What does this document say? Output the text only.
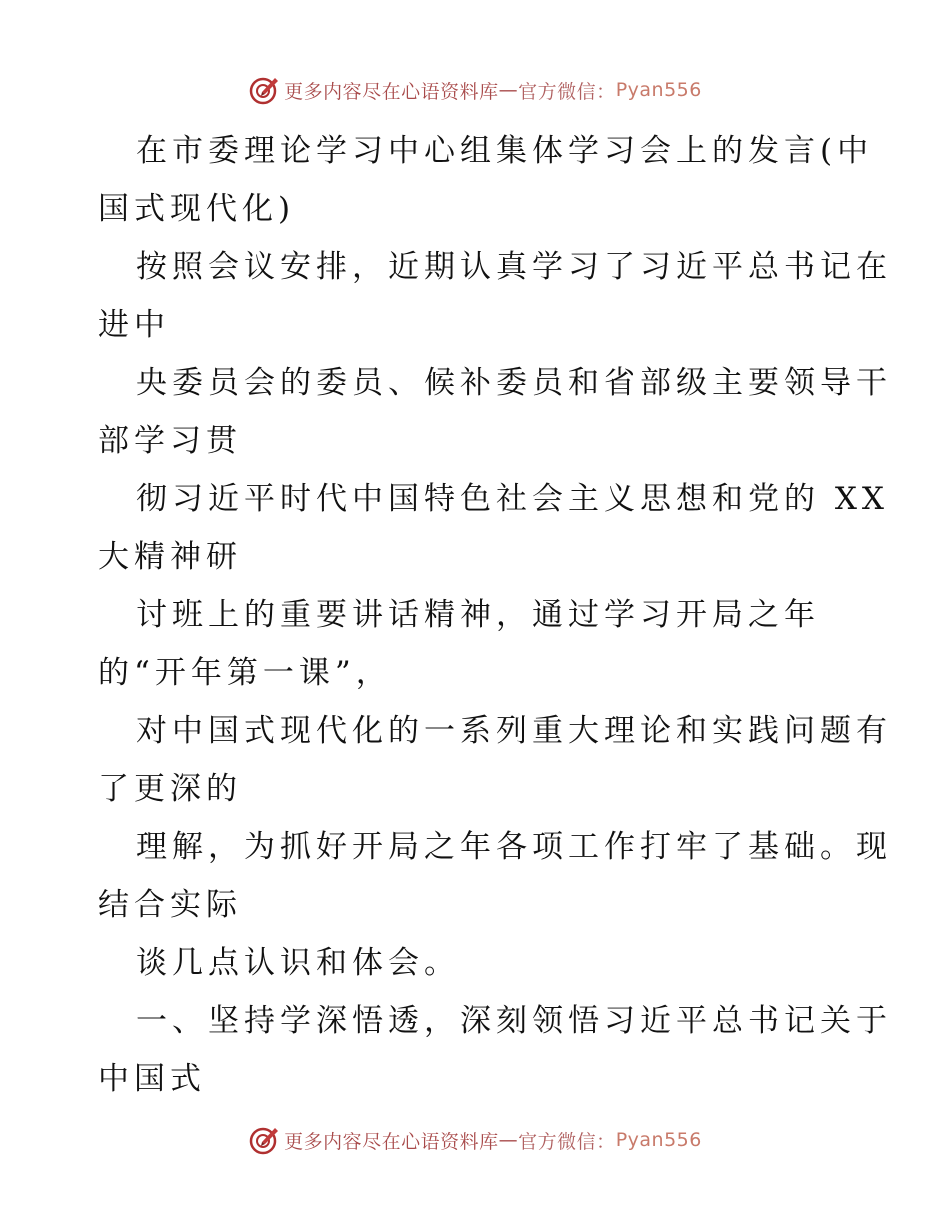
更多内容尽在心语资料库 — 官方微信： Pyan556
在市委理论学习中心组集体学习会上的发言(中
国式现代化)
按照会议安排，近期认真学习了习近平总书记在
进中
央委员会的委员、候补委员和省部级主要领导干
部学习贯
彻习近平时代中国特色社会主义思想和党的 XX
大精神研
讨班上的重要讲话精神，通过学习开局之年
的“开年第一课”，
对中国式现代化的一系列重大理论和实践问题有
了更深的
理解，为抓好开局之年各项工作打牢了基础。现
结合实际
谈几点认识和体会。
一、坚持学深悟透，深刻领悟习近平总书记关于
中国式
更多内容尽在心语资料库 — 官方微信： Pyan556
